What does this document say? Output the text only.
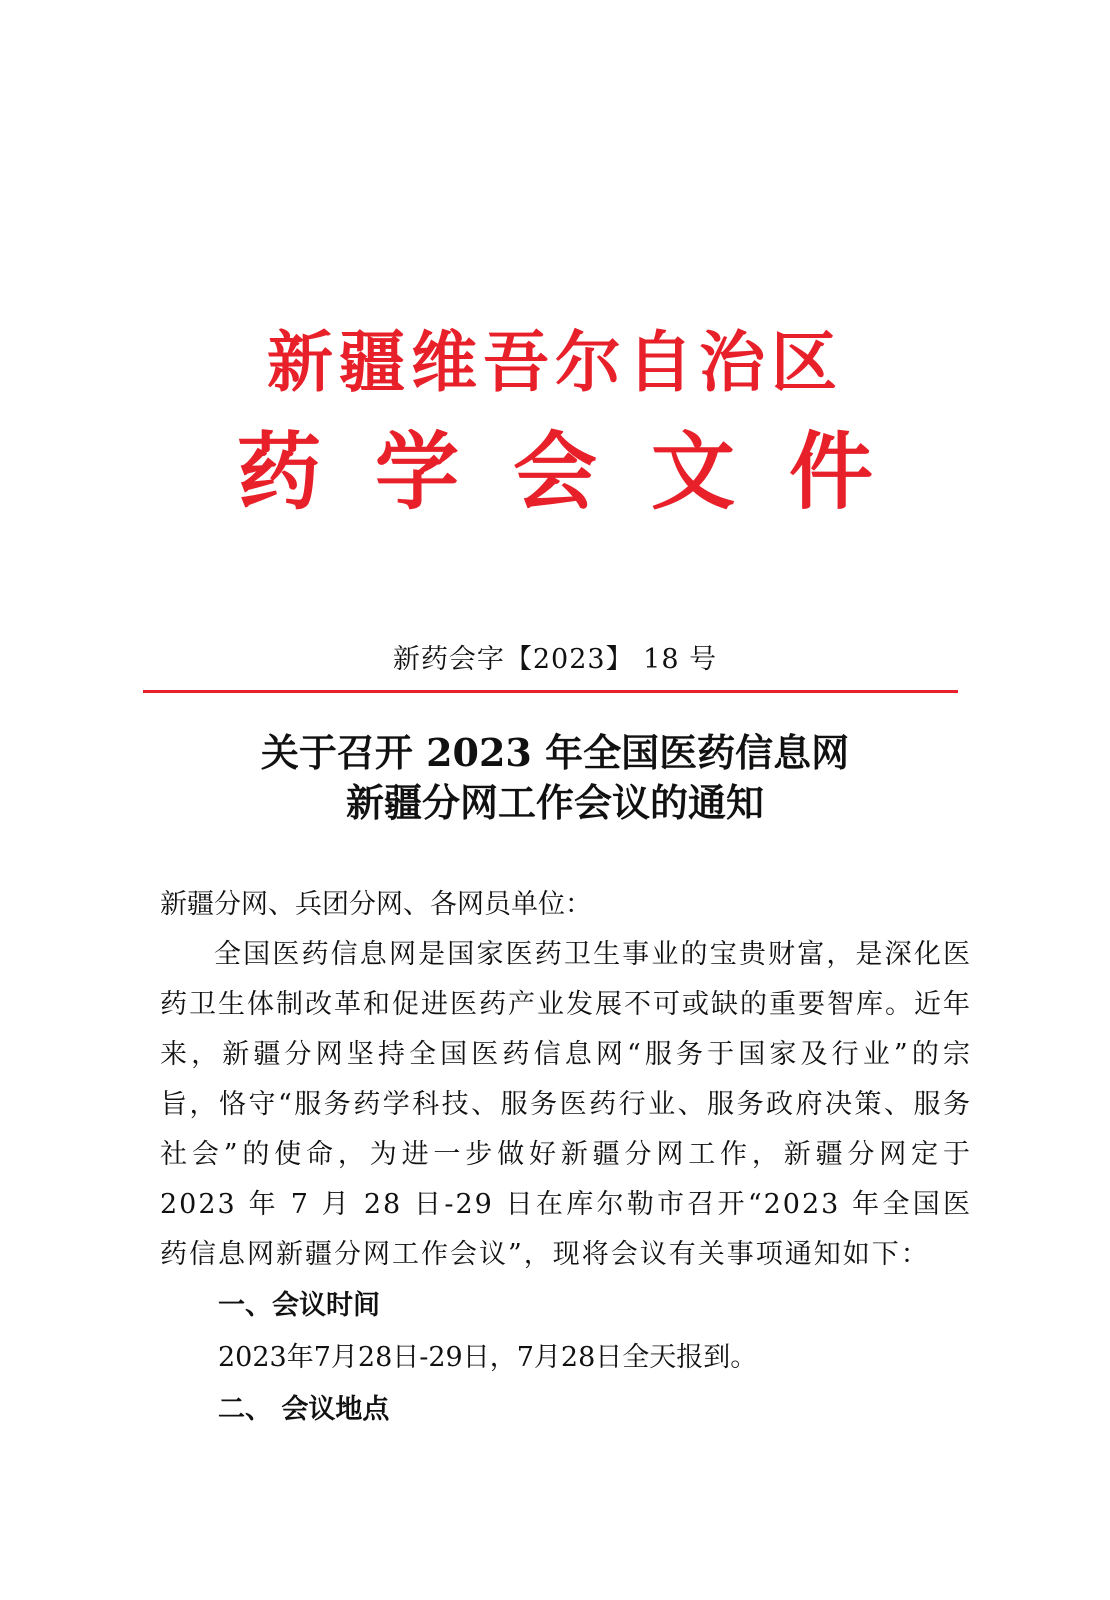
新疆维吾尔自治区
药学会文件
新药会字【2023】 18 号
关于召开 2023 年全国医药信息网
新疆分网工作会议的通知

新疆分网、兵团分网、各网员单位：

全国医药信息网是国家医药卫生事业的宝贵财富，是深化医药卫生体制改革和促进医药产业发展不可或缺的重要智库。近年来，新疆分网坚持全国医药信息网“服务于国家及行业”的宗旨，恪守“服务药学科技、服务医药行业、服务政府决策、服务社会”的使命，为进一步做好新疆分网工作，新疆分网定于 2023 年 7 月 28 日-29 日在库尔勒市召开“2023 年全国医药信息网新疆分网工作会议”，现将会议有关事项通知如下：

一、会议时间

2023年7月28日-29日，7月28日全天报到。

二、 会议地点
